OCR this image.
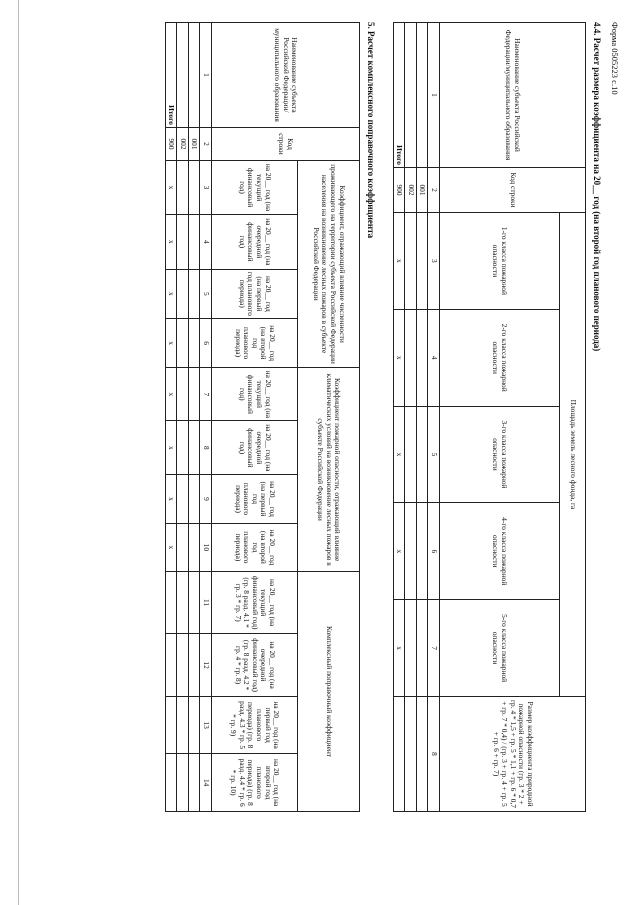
Форма 0505223 с.10
4.4. Расчет размера коэффициента на 20__ год (на второй год планового периода)
Наименование субъекта Российской Федерации/муниципального образования	Код строки	Площадь земель лесного фонда, га					Размер коэффициента природной пожарной опасности (гр. 3 * 2 + гр. 4 * 1,5 + гр. 5 * 1,1 + гр. 6 * 0,7 + гр. 7 * 0,4) / (гр. 3 + гр. 4 + гр. 5 + гр. 6 + гр. 7)
		1-го класса пожарной опасности	2-го класса пожарной опасности	3-го класса пожарной опасности	4-го класса пожарной опасности	5-го класса пожарной опасности	
1	2	3	4	5	6	7	8
	001						
	002						
Итого	900	х	х	х	х	х	
5. Расчет комплексного поправочного коэффициента
Наименование субъекта Российской Федерации/муниципального образования	Код строки	Коэффициент, отражающий влияние численности проживающего на территории субъекта Российской Федерации населения на возникновение лесных пожаров в субъекте Российской Федерации				Коэффициент пожарной опасности, отражающий влияние климатических условий на возникновение лесных пожаров в субъекте Российской Федерации				Комплексный поправочный коэффициент			
		на 20__ год (на текущий финансовый год)	на 20__ год (на очередной финансовый год)	на 20__ год (на первый год планового периода)	на 20__ год (на второй год планового периода)	на 20__ год (на текущий финансовый год)	на 20__ год (на очередной финансовый год)	на 20__ год (на первый год планового периода)	на 20__ год (на второй год планового периода)	на 20__ год (на текущий финансовый год) (гр. 8 разд. 4.1 * гр. 3 * гр. 7)	на 20__ год (на очередной финансовый год) (гр. 8 разд. 4.2 * гр. 4 * гр. 8)	на 20__ год (на первый год планового периода) (гр. 8 разд. 4.3 * гр. 5 * гр. 9)	на 20__ год (на второй год планового периода) (гр. 8 разд. 4.4 * гр. 6 * гр. 10)
1	2	3	4	5	6	7	8	9	10	11	12	13	14
	001												
	002												
Итого	900	х	х	х	х	х	х	х	х				
